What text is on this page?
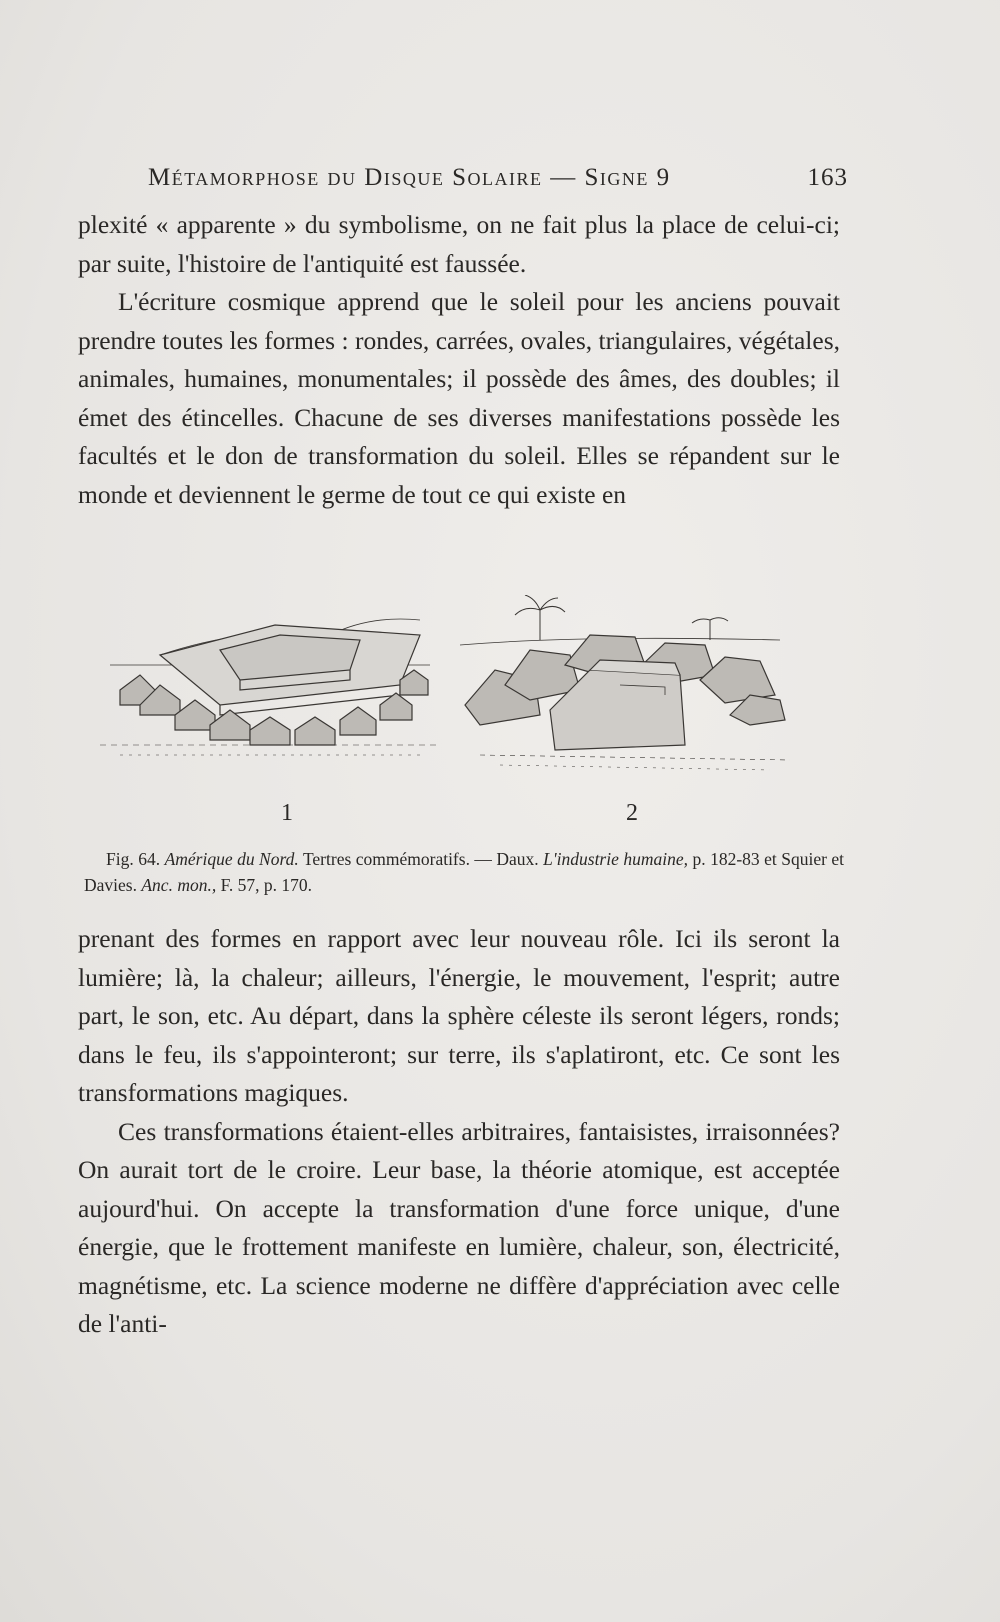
Métamorphose du Disque Solaire — Signe 9	163

plexité « apparente » du symbolisme, on ne fait plus la place de celui-ci; par suite, l'histoire de l'antiquité est faussée.

L'écriture cosmique apprend que le soleil pour les anciens pouvait prendre toutes les formes : rondes, carrées, ovales, triangulaires, végétales, animales, humaines, monumentales; il possède des âmes, des doubles; il émet des étincelles. Chacune de ses diverses manifestations possède les facultés et le don de transformation du soleil. Elles se répandent sur le monde et deviennent le germe de tout ce qui existe en

1	2

Fig. 64. Amérique du Nord. Tertres commémoratifs. — Daux. L'industrie humaine, p. 182-83 et Squier et Davies. Anc. mon., F. 57, p. 170.

prenant des formes en rapport avec leur nouveau rôle. Ici ils seront la lumière; là, la chaleur; ailleurs, l'énergie, le mouvement, l'esprit; autre part, le son, etc. Au départ, dans la sphère céleste ils seront légers, ronds; dans le feu, ils s'appointeront; sur terre, ils s'aplatiront, etc. Ce sont les transformations magiques.

Ces transformations étaient-elles arbitraires, fantaisistes, irraisonnées? On aurait tort de le croire. Leur base, la théorie atomique, est acceptée aujourd'hui. On accepte la transformation d'une force unique, d'une énergie, que le frottement manifeste en lumière, chaleur, son, électricité, magnétisme, etc. La science moderne ne diffère d'appréciation avec celle de l'anti-
